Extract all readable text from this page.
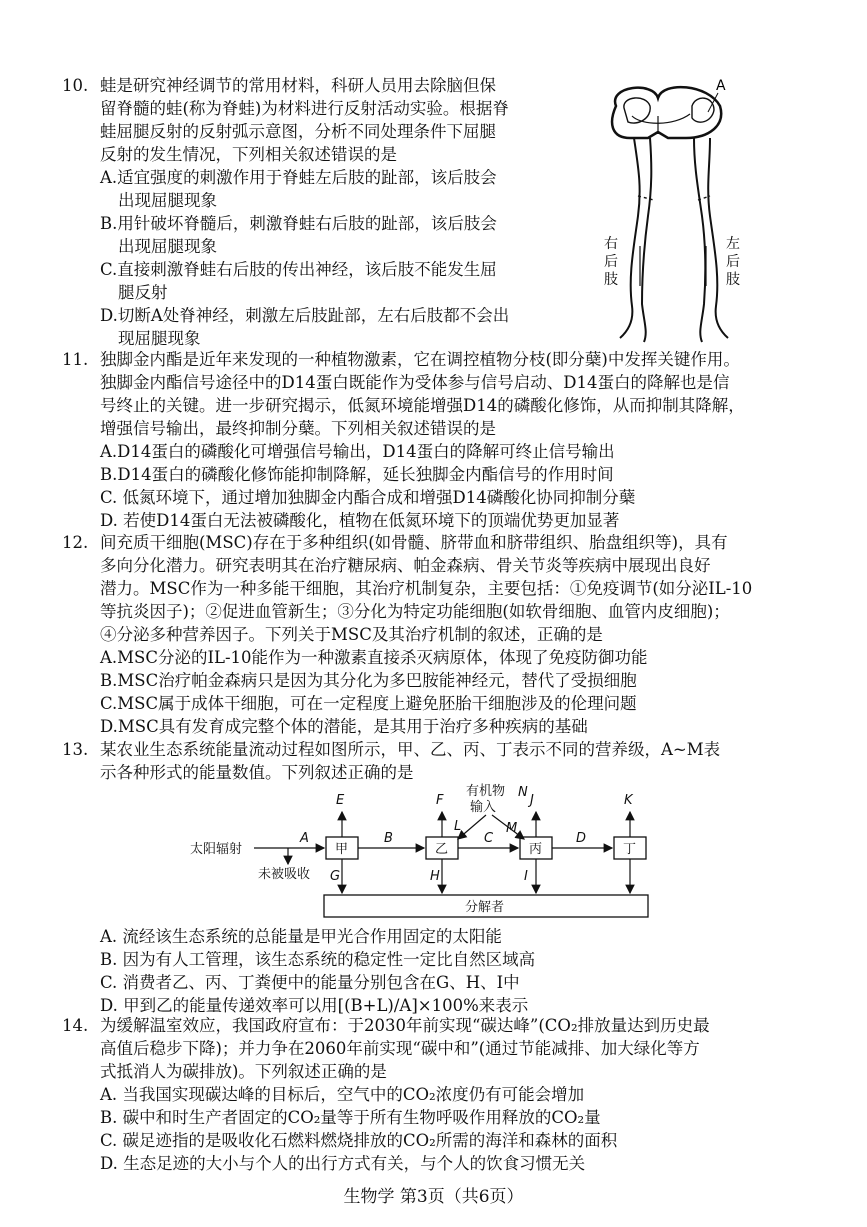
10. 蛙是研究神经调节的常用材料，科研人员用去除脑但保
留脊髓的蛙(称为脊蛙)为材料进行反射活动实验。根据脊
蛙屈腿反射的反射弧示意图，分析不同处理条件下屈腿
反射的发生情况，下列相关叙述错误的是
A.适宜强度的刺激作用于脊蛙左后肢的趾部，该后肢会
出现屈腿现象
B.用针破坏脊髓后，刺激脊蛙右后肢的趾部，该后肢会
出现屈腿现象
C.直接刺激脊蛙右后肢的传出神经，该后肢不能发生屈
腿反射
D.切断A处脊神经，刺激左后肢趾部，左右后肢都不会出
现屈腿现象
A
右
后
肢
左
后
肢
11. 独脚金内酯是近年来发现的一种植物激素，它在调控植物分枝(即分蘖)中发挥关键作用。
独脚金内酯信号途径中的D14蛋白既能作为受体参与信号启动、D14蛋白的降解也是信
号终止的关键。进一步研究揭示，低氮环境能增强D14的磷酸化修饰，从而抑制其降解，
增强信号输出，最终抑制分蘖。下列相关叙述错误的是
A.D14蛋白的磷酸化可增强信号输出，D14蛋白的降解可终止信号输出
B.D14蛋白的磷酸化修饰能抑制降解，延长独脚金内酯信号的作用时间
C. 低氮环境下，通过增加独脚金内酯合成和增强D14磷酸化协同抑制分蘖
D. 若使D14蛋白无法被磷酸化，植物在低氮环境下的顶端优势更加显著
12. 间充质干细胞(MSC)存在于多种组织(如骨髓、脐带血和脐带组织、胎盘组织等)，具有
多向分化潜力。研究表明其在治疗糖尿病、帕金森病、骨关节炎等疾病中展现出良好
潜力。MSC作为一种多能干细胞，其治疗机制复杂，主要包括：①免疫调节(如分泌IL-10
等抗炎因子)；②促进血管新生；③分化为特定功能细胞(如软骨细胞、血管内皮细胞)；
④分泌多种营养因子。下列关于MSC及其治疗机制的叙述，正确的是
A.MSC分泌的IL-10能作为一种激素直接杀灭病原体，体现了免疫防御功能
B.MSC治疗帕金森病只是因为其分化为多巴胺能神经元，替代了受损细胞
C.MSC属于成体干细胞，可在一定程度上避免胚胎干细胞涉及的伦理问题
D.MSC具有发育成完整个体的潜能，是其用于治疗多种疾病的基础
13. 某农业生态系统能量流动过程如图所示，甲、乙、丙、丁表示不同的营养级，A~M表
示各种形式的能量数值。下列叙述正确的是
甲	乙	丙	丁
分解者
太阳辐射
未被吸收
有机物
输入
A	B	C	D
E	F	J	K
L	M
N
G	H	I
A. 流经该生态系统的总能量是甲光合作用固定的太阳能
B. 因为有人工管理，该生态系统的稳定性一定比自然区域高
C. 消费者乙、丙、丁粪便中的能量分别包含在G、H、I中
D. 甲到乙的能量传递效率可以用[(B+L)/A]×100%来表示
14. 为缓解温室效应，我国政府宣布：于2030年前实现“碳达峰”(CO₂排放量达到历史最
高值后稳步下降)；并力争在2060年前实现“碳中和”(通过节能减排、加大绿化等方
式抵消人为碳排放)。下列叙述正确的是
A. 当我国实现碳达峰的目标后，空气中的CO₂浓度仍有可能会增加
B. 碳中和时生产者固定的CO₂量等于所有生物呼吸作用释放的CO₂量
C. 碳足迹指的是吸收化石燃料燃烧排放的CO₂所需的海洋和森林的面积
D. 生态足迹的大小与个人的出行方式有关，与个人的饮食习惯无关
生物学 第3页（共6页）
